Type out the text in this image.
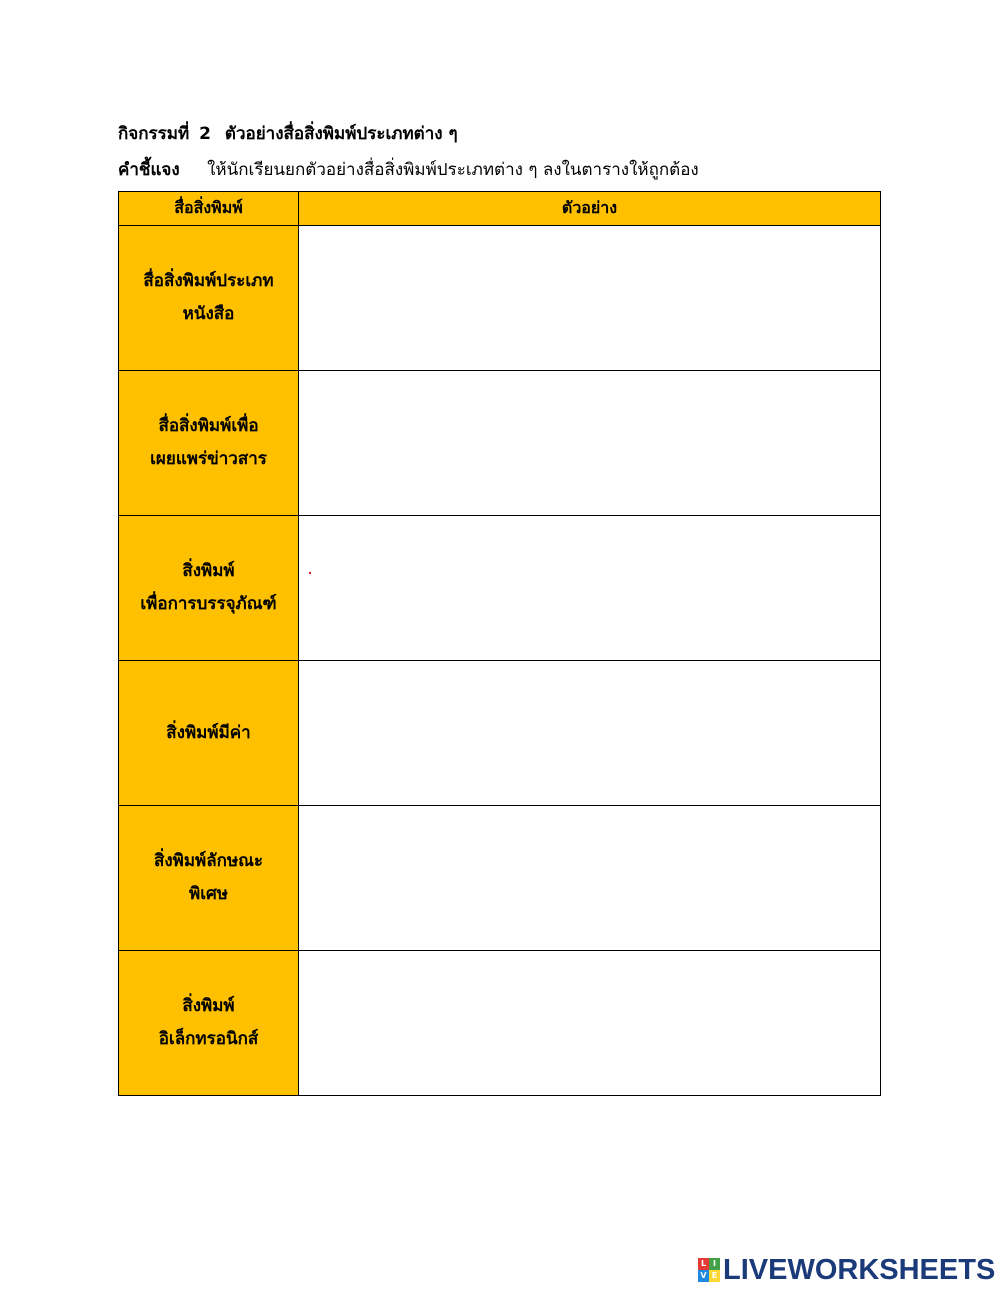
กิจกรรมที่ 2 ตัวอย่างสื่อสิ่งพิมพ์ประเภทต่าง ๆ
คำชี้แจง ให้นักเรียนยกตัวอย่างสื่อสิ่งพิมพ์ประเภทต่าง ๆ ลงในตารางให้ถูกต้อง
สื่อสิ่งพิมพ์	ตัวอย่าง

สื่อสิ่งพิมพ์ประเภท
หนังสือ	

สื่อสิ่งพิมพ์เพื่อ
เผยแพร่ข่าวสาร	

สิ่งพิมพ์
เพื่อการบรรจุภัณฑ์	

สิ่งพิมพ์มีค่า	

สิ่งพิมพ์ลักษณะ
พิเศษ	

สิ่งพิมพ์
อิเล็กทรอนิกส์	

L I
V E LIVEWORKSHEETS
